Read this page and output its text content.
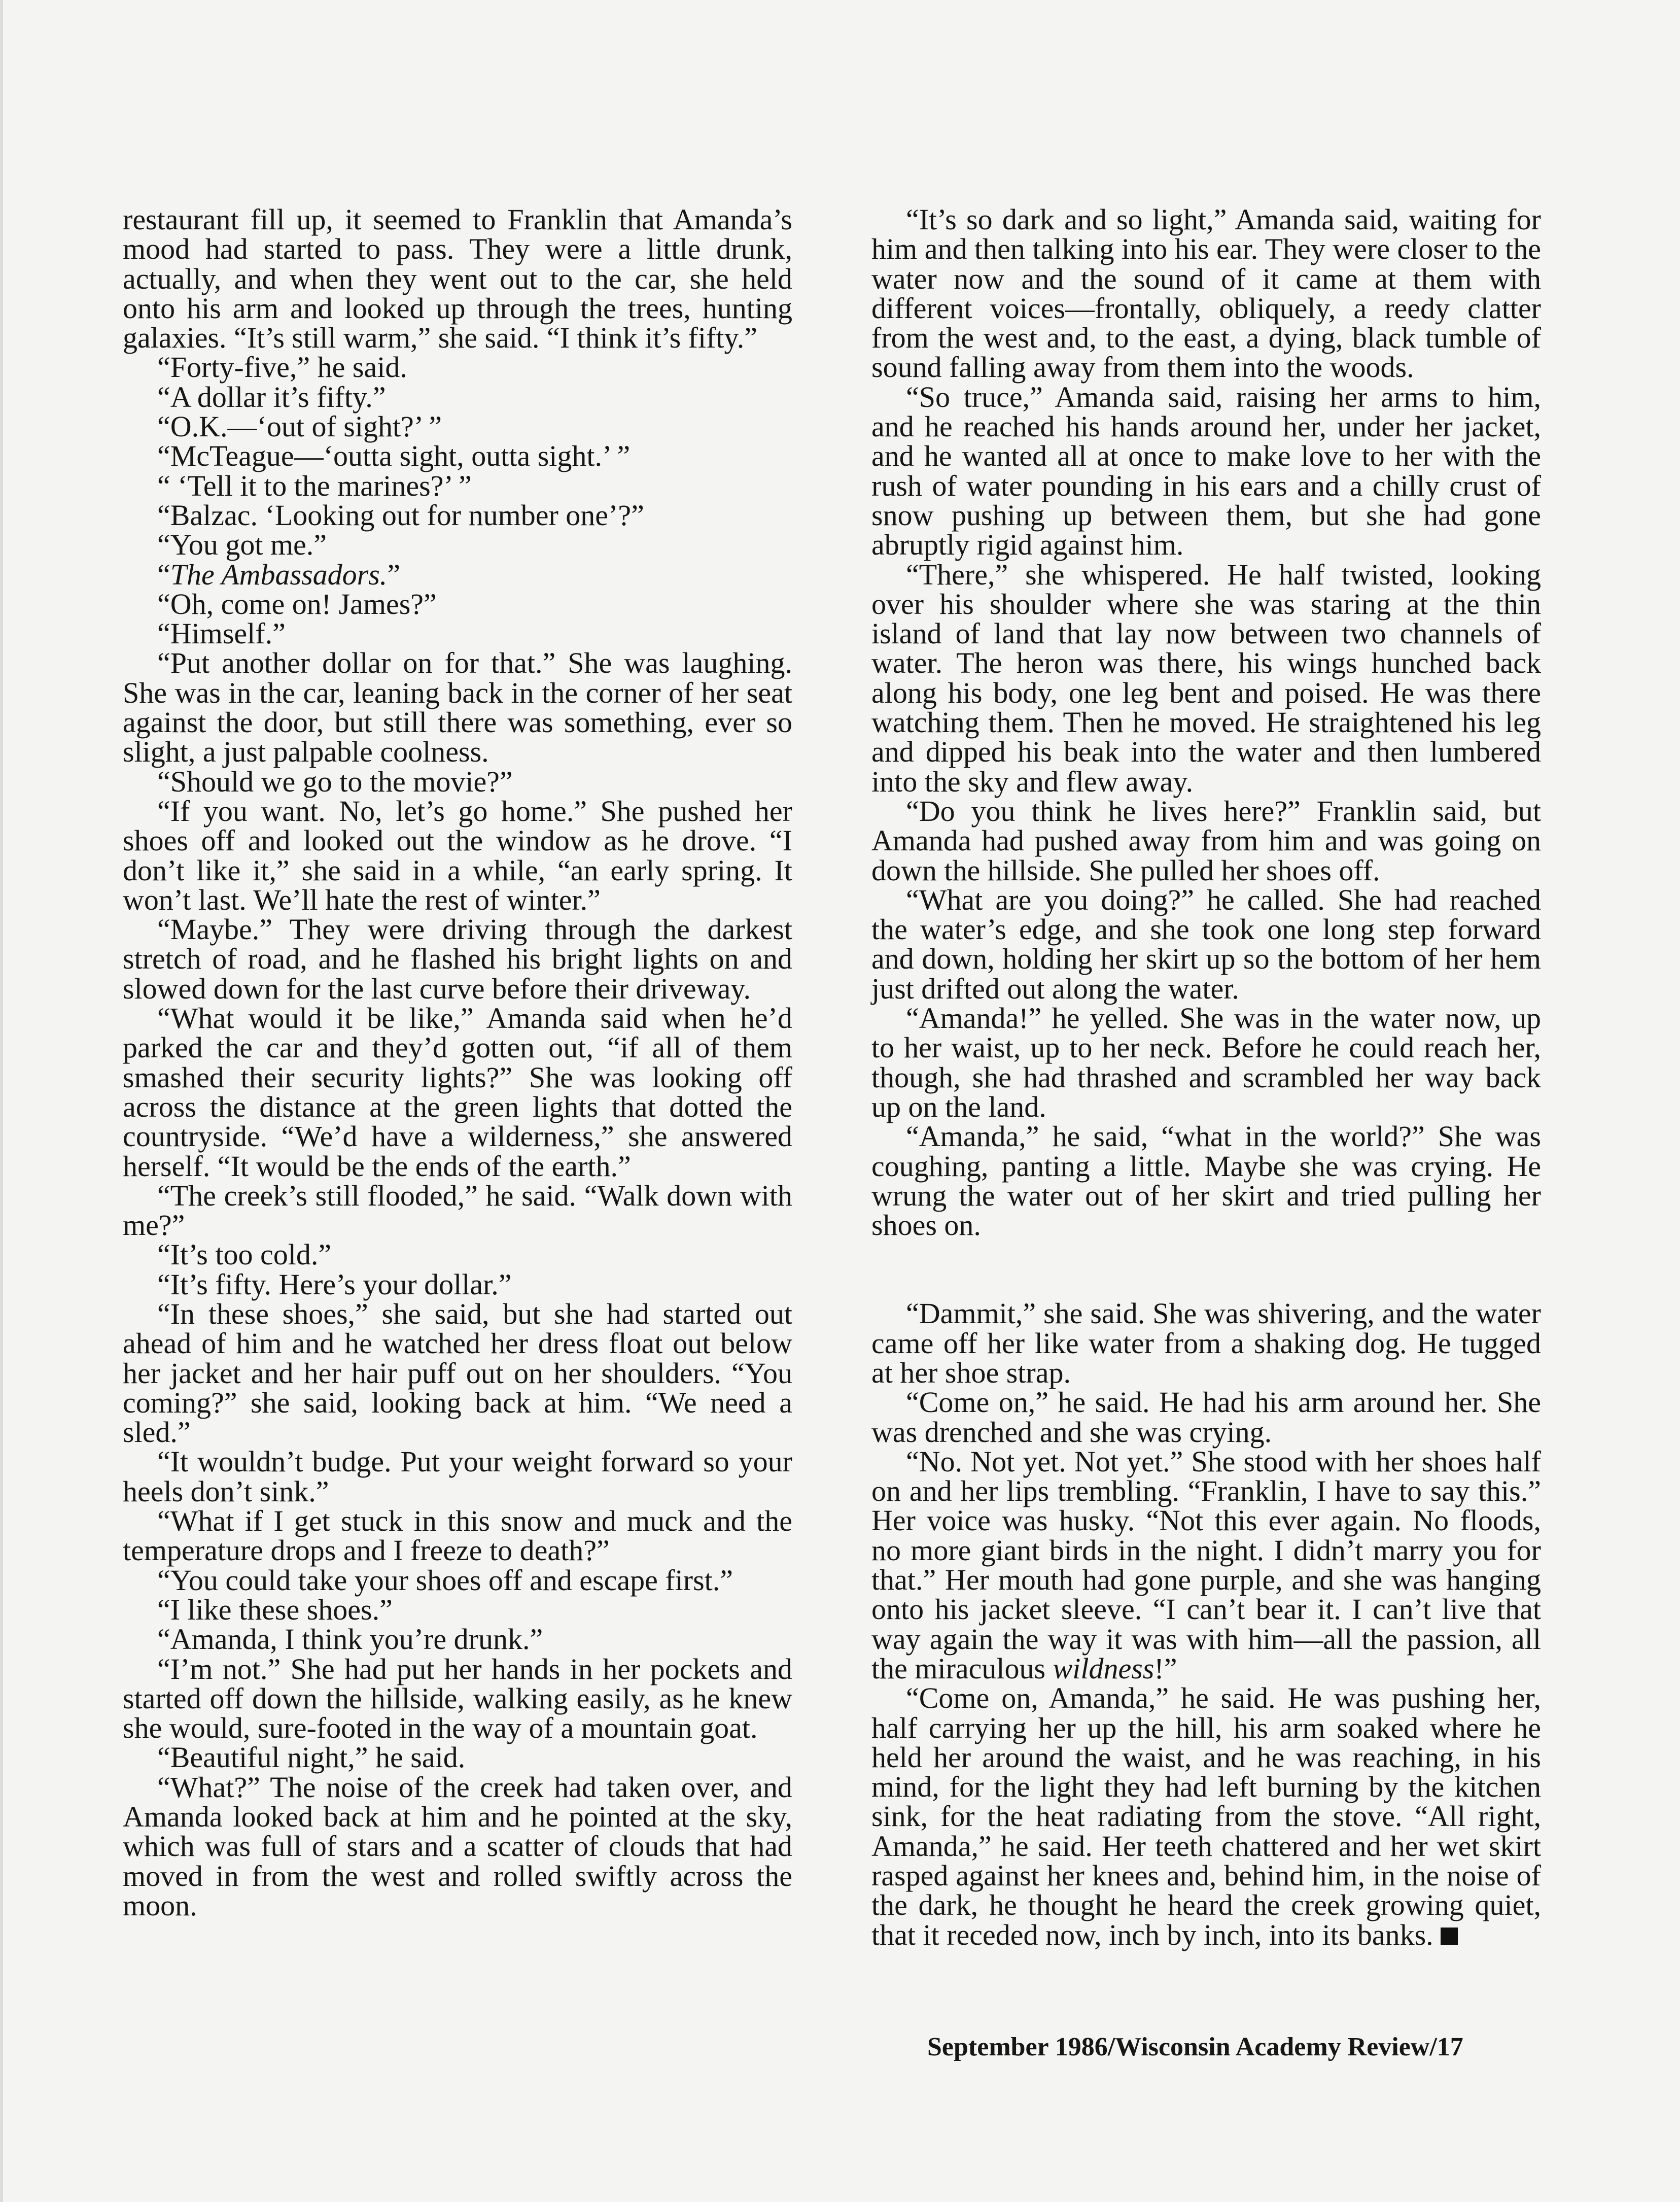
restaurant fill up, it seemed to Franklin that Amanda’s mood had started to pass. They were a little drunk, actually, and when they went out to the car, she held onto his arm and looked up through the trees, hunting galaxies. “It’s still warm,” she said. “I think it’s fifty.”

“Forty-five,” he said.

“A dollar it’s fifty.”

“O.K.—‘out of sight?’ ”

“McTeague—‘outta sight, outta sight.’ ”

“ ‘Tell it to the marines?’ ”

“Balzac. ‘Looking out for number one’?”

“You got me.”

“The Ambassadors.”

“Oh, come on! James?”

“Himself.”

“Put another dollar on for that.” She was laughing. She was in the car, leaning back in the corner of her seat against the door, but still there was something, ever so slight, a just palpable coolness.

“Should we go to the movie?”

“If you want. No, let’s go home.” She pushed her shoes off and looked out the window as he drove. “I don’t like it,” she said in a while, “an early spring. It won’t last. We’ll hate the rest of winter.”

“Maybe.” They were driving through the darkest stretch of road, and he flashed his bright lights on and slowed down for the last curve before their driveway.

“What would it be like,” Amanda said when he’d parked the car and they’d gotten out, “if all of them smashed their security lights?” She was looking off across the distance at the green lights that dotted the countryside. “We’d have a wilderness,” she answered herself. “It would be the ends of the earth.”

“The creek’s still flooded,” he said. “Walk down with me?”

“It’s too cold.”

“It’s fifty. Here’s your dollar.”

“In these shoes,” she said, but she had started out ahead of him and he watched her dress float out below her jacket and her hair puff out on her shoulders. “You coming?” she said, looking back at him. “We need a sled.”

“It wouldn’t budge. Put your weight forward so your heels don’t sink.”

“What if I get stuck in this snow and muck and the temperature drops and I freeze to death?”

“You could take your shoes off and escape first.”

“I like these shoes.”

“Amanda, I think you’re drunk.”

“I’m not.” She had put her hands in her pockets and started off down the hillside, walking easily, as he knew she would, sure-footed in the way of a mountain goat.

“Beautiful night,” he said.

“What?” The noise of the creek had taken over, and Amanda looked back at him and he pointed at the sky, which was full of stars and a scatter of clouds that had moved in from the west and rolled swiftly across the moon.

“It’s so dark and so light,” Amanda said, waiting for him and then talking into his ear. They were closer to the water now and the sound of it came at them with different voices—frontally, obliquely, a reedy clatter from the west and, to the east, a dying, black tumble of sound falling away from them into the woods.

“So truce,” Amanda said, raising her arms to him, and he reached his hands around her, under her jacket, and he wanted all at once to make love to her with the rush of water pounding in his ears and a chilly crust of snow pushing up between them, but she had gone abruptly rigid against him.

“There,” she whispered. He half twisted, looking over his shoulder where she was staring at the thin island of land that lay now between two channels of water. The heron was there, his wings hunched back along his body, one leg bent and poised. He was there watching them. Then he moved. He straightened his leg and dipped his beak into the water and then lumbered into the sky and flew away.

“Do you think he lives here?” Franklin said, but Amanda had pushed away from him and was going on down the hillside. She pulled her shoes off.

“What are you doing?” he called. She had reached the water’s edge, and she took one long step forward and down, holding her skirt up so the bottom of her hem just drifted out along the water.

“Amanda!” he yelled. She was in the water now, up to her waist, up to her neck. Before he could reach her, though, she had thrashed and scrambled her way back up on the land.

“Amanda,” he said, “what in the world?” She was coughing, panting a little. Maybe she was crying. He wrung the water out of her skirt and tried pulling her shoes on.

“Dammit,” she said. She was shivering, and the water came off her like water from a shaking dog. He tugged at her shoe strap.

“Come on,” he said. He had his arm around her. She was drenched and she was crying.

“No. Not yet. Not yet.” She stood with her shoes half on and her lips trembling. “Franklin, I have to say this.” Her voice was husky. “Not this ever again. No floods, no more giant birds in the night. I didn’t marry you for that.” Her mouth had gone purple, and she was hanging onto his jacket sleeve. “I can’t bear it. I can’t live that way again the way it was with him—all the passion, all the miraculous wildness!”

“Come on, Amanda,” he said. He was pushing her, half carrying her up the hill, his arm soaked where he held her around the waist, and he was reaching, in his mind, for the light they had left burning by the kitchen sink, for the heat radiating from the stove. “All right, Amanda,” he said. Her teeth chattered and her wet skirt rasped against her knees and, behind him, in the noise of the dark, he thought he heard the creek growing quiet, that it receded now, inch by inch, into its banks.

September 1986/Wisconsin Academy Review/17
